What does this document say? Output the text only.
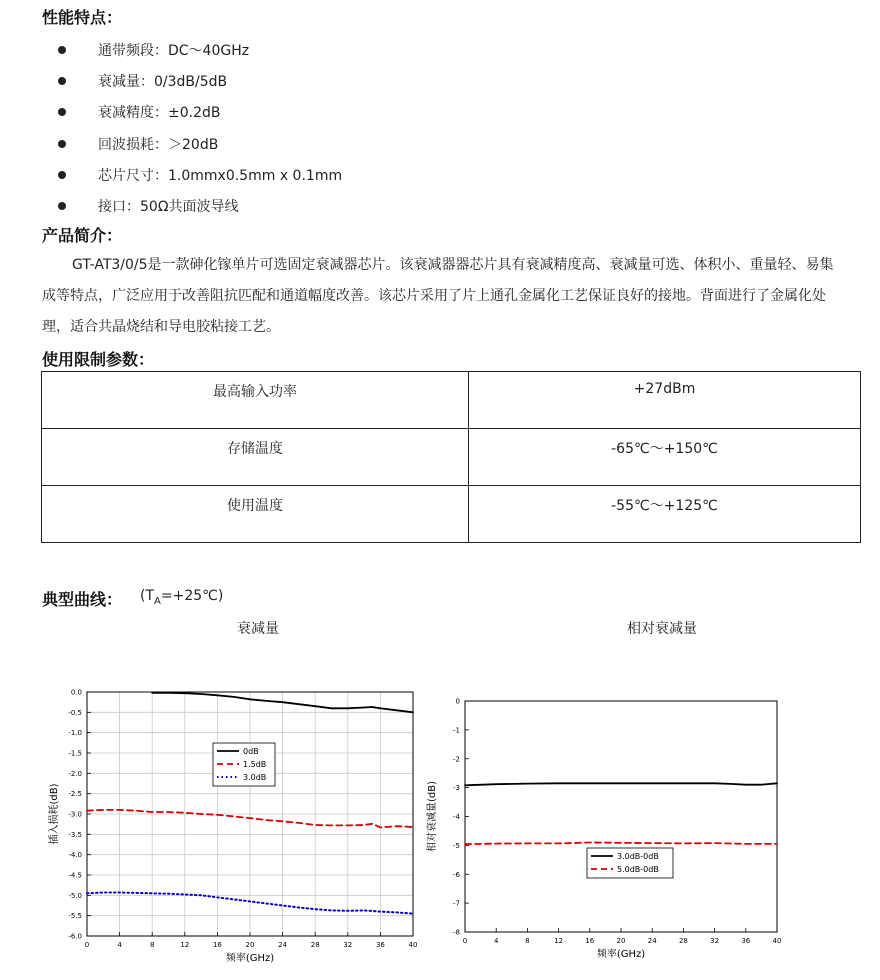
性能特点：
通带频段：DC～40GHz
衰减量：0/3dB/5dB
衰减精度：±0.2dB
回波损耗：＞20dB
芯片尺寸：1.0mmx0.5mm x 0.1mm
接口：50Ω共面波导线
产品简介：
GT-AT3/0/5是一款砷化镓单片可选固定衰减器芯片。该衰减器器芯片具有衰减精度高、衰减量可选、体积小、重量轻、易集成等特点，广泛应用于改善阻抗匹配和通道幅度改善。该芯片采用了片上通孔金属化工艺保证良好的接地。背面进行了金属化处理，适合共晶烧结和导电胶粘接工艺。
使用限制参数：
最高输入功率	+27dBm
存储温度	-65℃～+150℃
使用温度	-55℃～+125℃
典型曲线： $(T_A=+25℃)$
衰减量	相对衰减量
0	4	8	12	16	20	24	28	32	36	40
0.0
-0.5
-1.0
-1.5
-2.0
-2.5
-3.0
-3.5
-4.0
-4.5
-5.0
-5.5
-6.0
频率(GHz)
插入损耗(dB)
0dB
1.5dB
3.0dB
0	4	8	12	16	20	24	28	32	36	40
0
-1
-2
-3
-4
-5
-6
-7
-8
频率(GHz)
相对衰减量(dB)
3.0dB-0dB
5.0dB-0dB
